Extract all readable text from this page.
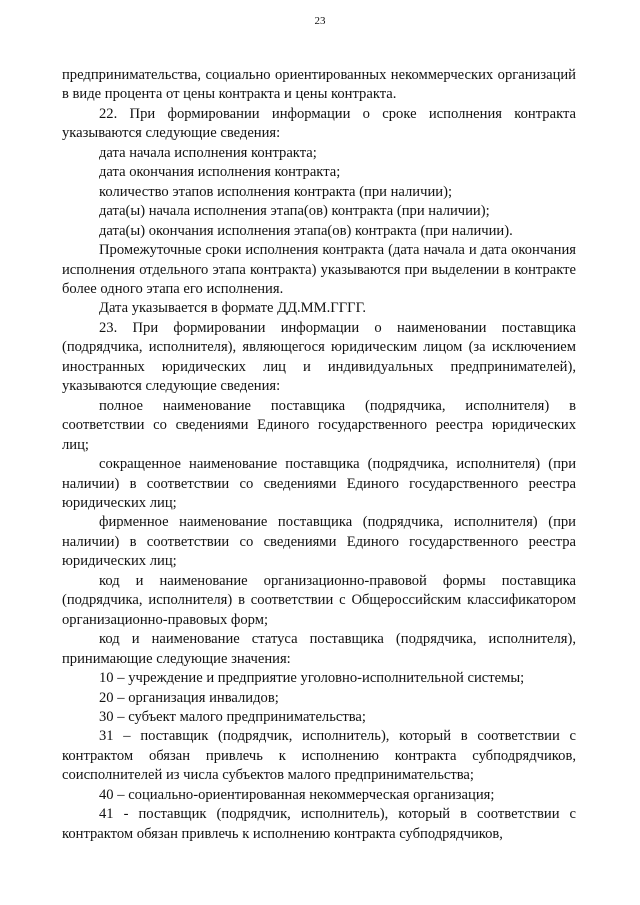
23

предпринимательства, социально ориентированных некоммерческих организаций в виде процента от цены контракта и цены контракта.

22. При формировании информации о сроке исполнения контракта указываются следующие сведения:

дата начала исполнения контракта;

дата окончания исполнения контракта;

количество этапов исполнения контракта (при наличии);

дата(ы) начала исполнения этапа(ов) контракта (при наличии);

дата(ы) окончания исполнения этапа(ов) контракта (при наличии).

Промежуточные сроки исполнения контракта (дата начала и дата окончания исполнения отдельного этапа контракта) указываются при выделении в контракте более одного этапа его исполнения.

Дата указывается в формате ДД.ММ.ГГГГ.

23. При формировании информации о наименовании поставщика (подрядчика, исполнителя), являющегося юридическим лицом (за исключением иностранных юридических лиц и индивидуальных предпринимателей), указываются следующие сведения:

полное наименование поставщика (подрядчика, исполнителя) в соответствии со сведениями Единого государственного реестра юридических лиц;

сокращенное наименование поставщика (подрядчика, исполнителя) (при наличии) в соответствии со сведениями Единого государственного реестра юридических лиц;

фирменное наименование поставщика (подрядчика, исполнителя) (при наличии) в соответствии со сведениями Единого государственного реестра юридических лиц;

код и наименование организационно-правовой формы поставщика (подрядчика, исполнителя) в соответствии с Общероссийским классификатором организационно-правовых форм;

код и наименование статуса поставщика (подрядчика, исполнителя), принимающие следующие значения:

10 – учреждение и предприятие уголовно-исполнительной системы;

20 – организация инвалидов;

30 – субъект малого предпринимательства;

31 – поставщик (подрядчик, исполнитель), который в соответствии с контрактом обязан привлечь к исполнению контракта субподрядчиков, соисполнителей из числа субъектов малого предпринимательства;

40 – социально-ориентированная некоммерческая организация;

41 - поставщик (подрядчик, исполнитель), который в соответствии с контрактом обязан привлечь к исполнению контракта субподрядчиков,
